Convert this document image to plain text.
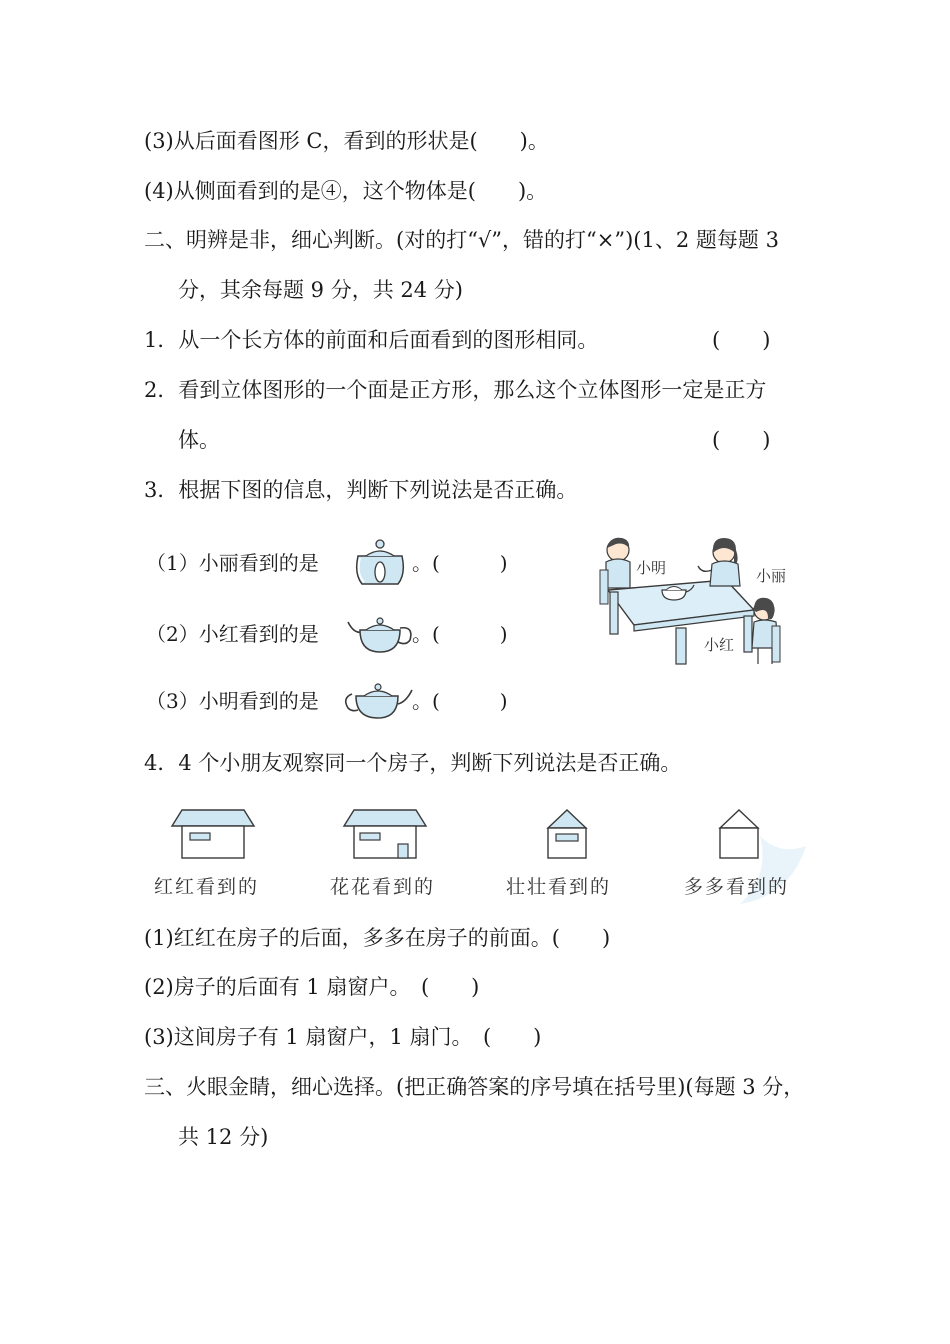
(3)从后面看图形 C，看到的形状是(　　)。
(4)从侧面看到的是④，这个物体是(　　)。
二、明辨是非，细心判断。(对的打“√”，错的打“×”)(1、2 题每题 3
分，其余每题 9 分，共 24 分)
1．从一个长方体的前面和后面看到的图形相同。	(　　)
2．看到立体图形的一个面是正方形，那么这个立体图形一定是正方
体。	(　　)
3．根据下图的信息，判断下列说法是否正确。
（1）小丽看到的是	。(　　　)
（2）小红看到的是	。(　　　)
（3）小明看到的是	。(　　　)
小明	小丽
小红
4．4 个小朋友观察同一个房子，判断下列说法是否正确。
红红看到的	花花看到的	壮壮看到的	多多看到的
(1)红红在房子的后面，多多在房子的前面。(　　)
(2)房子的后面有 1 扇窗户。　(　　)
(3)这间房子有 1 扇窗户，1 扇门。　(　　)
三、火眼金睛，细心选择。(把正确答案的序号填在括号里)(每题 3 分，
共 12 分)
